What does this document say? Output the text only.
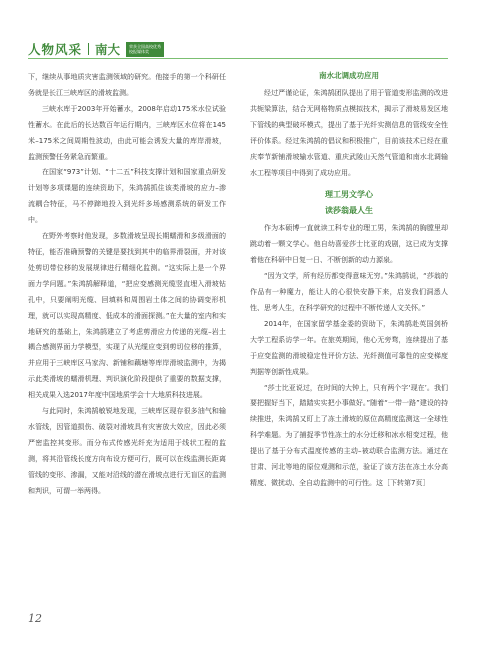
人物风采 南大 荣获全国高校优秀
校报媒体奖

下，继续从事地质灾害监测领域的研究。他接手的第一个科研任务就是长江三峡库区的滑坡监测。

三峡水库于2003年开始蓄水，2008年启动175米水位试验性蓄水。在此后的长达数百年运行期内，三峡库区水位将在145米–175米之间周期性波动，由此可能会诱发大量的库岸滑坡，监测预警任务紧急而繁重。

在国家“973”计划、“十二五”科技支撑计划和国家重点研发计划等多项课题的连续资助下，朱鸿鹄抓住该类滑坡的应力–渗流耦合特征，马不停蹄地投入到光纤多场感测系统的研发工作中。

在野外考察时他发现，多数滑坡呈现长期蠕滑和多级滑面的特征，能否准确预警的关键是要找到其中的临界滑裂面，并对该处剪切带位移的发展规律进行精细化监测。“这实际上是一个界面力学问题。”朱鸿鹄解释道，“把应变感测光缆竖直埋入滑坡钻孔中，只要阐明光缆、回填料和周围岩土体之间的协调变形机理，就可以实现高精度、低成本的滑面探测。”在大量的室内和实地研究的基础上，朱鸿鹄建立了考虑剪滑应力传递的光缆–岩土耦合感测界面力学模型，实现了从光缆应变到剪切位移的推算，并应用于三峡库区马家沟、新铺和藕塘等库岸滑坡监测中，为揭示此类滑坡的蠕滑机理、判识演化阶段提供了重要的数据支撑，相关成果入选2017年度中国地质学会十大地质科技进展。

与此同时，朱鸿鹄敏锐地发现，三峡库区现存很多油气和输水管线，因管道损伤、破裂对滑坡具有灾害放大效应，因此必须严密监控其变形。而分布式传感光纤充为适用于线状工程的监测，将其沿管线长度方向布设方便可行，既可以在线监测长距离管线的变形、渗漏，又能对沿线的潜在滑坡点进行无盲区的监测和判识，可谓一举两得。

南水北调成功应用

经过严谨论证，朱鸿鹄团队提出了用于管道变形监测的改进共轭梁算法，结合无网格物质点模拟技术，揭示了滑坡易发区地下管线的典型破坏模式，提出了基于光纤实测信息的管线安全性评价体系。经过朱鸿鹄的倡议和积极推广，目前该技术已经在重庆奉节新铺滑坡输水管道、重庆武陵山天然气管道和南水北调输水工程等项目中得到了成功应用。

理工男文学心
读莎翁最人生

作为本硕博一直就读工科专业的理工男，朱鸿鹄的胸膛里却跳动着一颗文学心。他自幼喜爱莎士比亚的戏剧，这已成为支撑着他在科研中日复一日、不断创新的动力源泉。

“因为文学，所有经历都变得意味无穷。”朱鸿鹄说，“莎翁的作品有一种魔力，能让人的心很快安静下来，启发我们洞悉人性、思考人生，在科学研究的过程中不断传递人文关怀。”

2014年，在国家留学基金委的资助下，朱鸿鹄赴英国剑桥大学工程系访学一年。在旅英期间，他心无旁骛，连续提出了基于应变监测的滑坡稳定性评价方法、光纤测值可靠性的应变梯度判据等创新性成果。

“莎士比亚说过，在时间的大钟上，只有两个字‘现在’。我们要把握好当下，踏踏实实把小事做好。”随着“一带一路”建设的持续推进，朱鸿鹄又盯上了冻土滑坡的原位高精度监测这一全球性科学难题。为了捕捉季节性冻土的水分迁移和冰水相变过程，他提出了基于分布式温度传感的主动–被动联合监测方法。通过在甘肃、河北等地的原位观测和示范，验证了该方法在冻土水分高精度、微扰动、全自动监测中的可行性。这［下转第7页］

12
